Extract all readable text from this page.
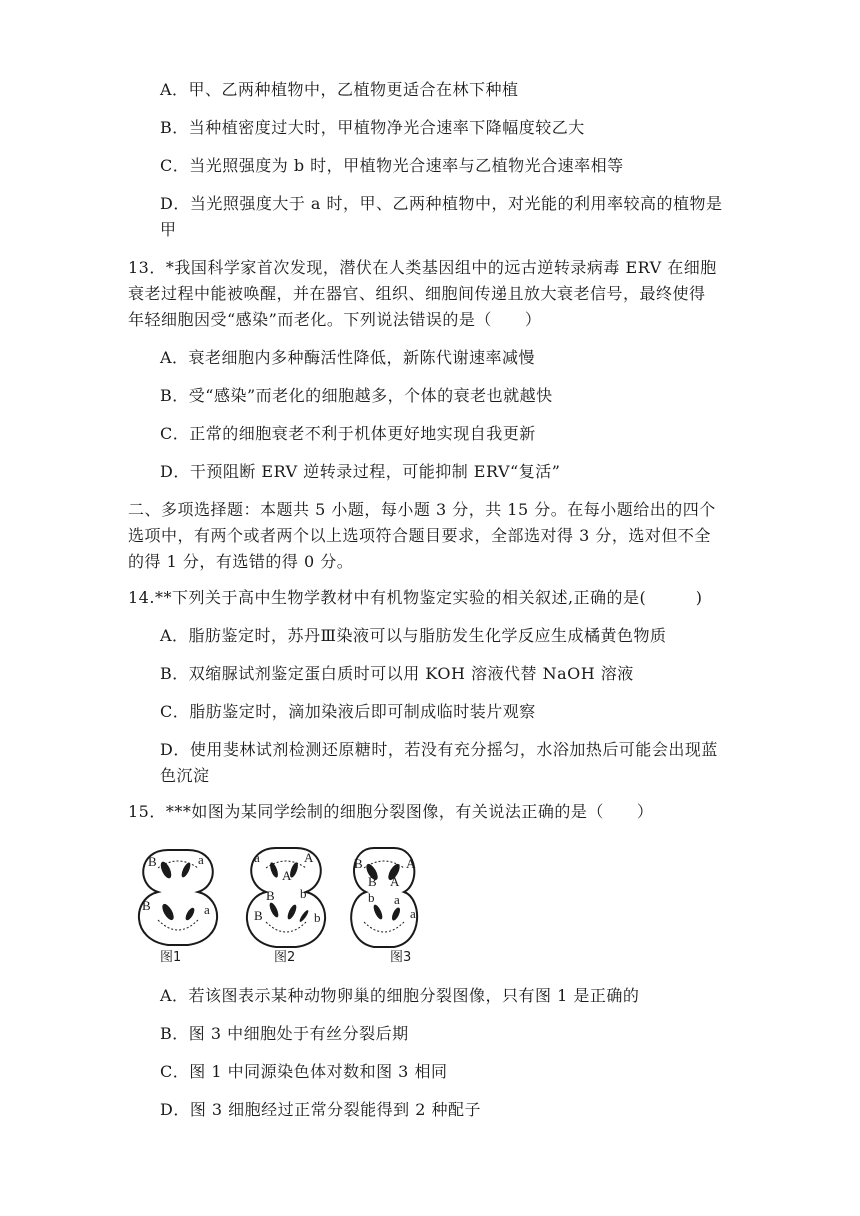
A．甲、乙两种植物中，乙植物更适合在林下种植
B．当种植密度过大时，甲植物净光合速率下降幅度较乙大
C．当光照强度为 b 时，甲植物光合速率与乙植物光合速率相等
D．当光照强度大于 a 时，甲、乙两种植物中，对光能的利用率较高的植物是
甲
13．*我国科学家首次发现，潜伏在人类基因组中的远古逆转录病毒 ERV 在细胞
衰老过程中能被唤醒，并在器官、组织、细胞间传递且放大衰老信号，最终使得
年轻细胞因受“感染”而老化。下列说法错误的是（　　）
A．衰老细胞内多种酶活性降低，新陈代谢速率减慢
B．受“感染”而老化的细胞越多，个体的衰老也就越快
C．正常的细胞衰老不利于机体更好地实现自我更新
D．干预阻断 ERV 逆转录过程，可能抑制 ERV“复活”
二、多项选择题：本题共 5 小题，每小题 3 分，共 15 分。在每小题给出的四个
选项中，有两个或者两个以上选项符合题目要求，全部选对得 3 分，选对但不全
的得 1 分，有选错的得 0 分。
14.**下列关于高中生物学教材中有机物鉴定实验的相关叙述,正确的是(　　　)
A．脂肪鉴定时，苏丹Ⅲ染液可以与脂肪发生化学反应生成橘黄色物质
B．双缩脲试剂鉴定蛋白质时可以用 KOH 溶液代替 NaOH 溶液
C．脂肪鉴定时，滴加染液后即可制成临时装片观察
D．使用斐林试剂检测还原糖时，若没有充分摇匀，水浴加热后可能会出现蓝
色沉淀
15．***如图为某同学绘制的细胞分裂图像，有关说法正确的是（　　）
B	a
B	a
a	A
A
B b
B	b
B	A
B A
b a
a
图1	图2	图3
A．若该图表示某种动物卵巢的细胞分裂图像，只有图 1 是正确的
B．图 3 中细胞处于有丝分裂后期
C．图 1 中同源染色体对数和图 3 相同
D．图 3 细胞经过正常分裂能得到 2 种配子
